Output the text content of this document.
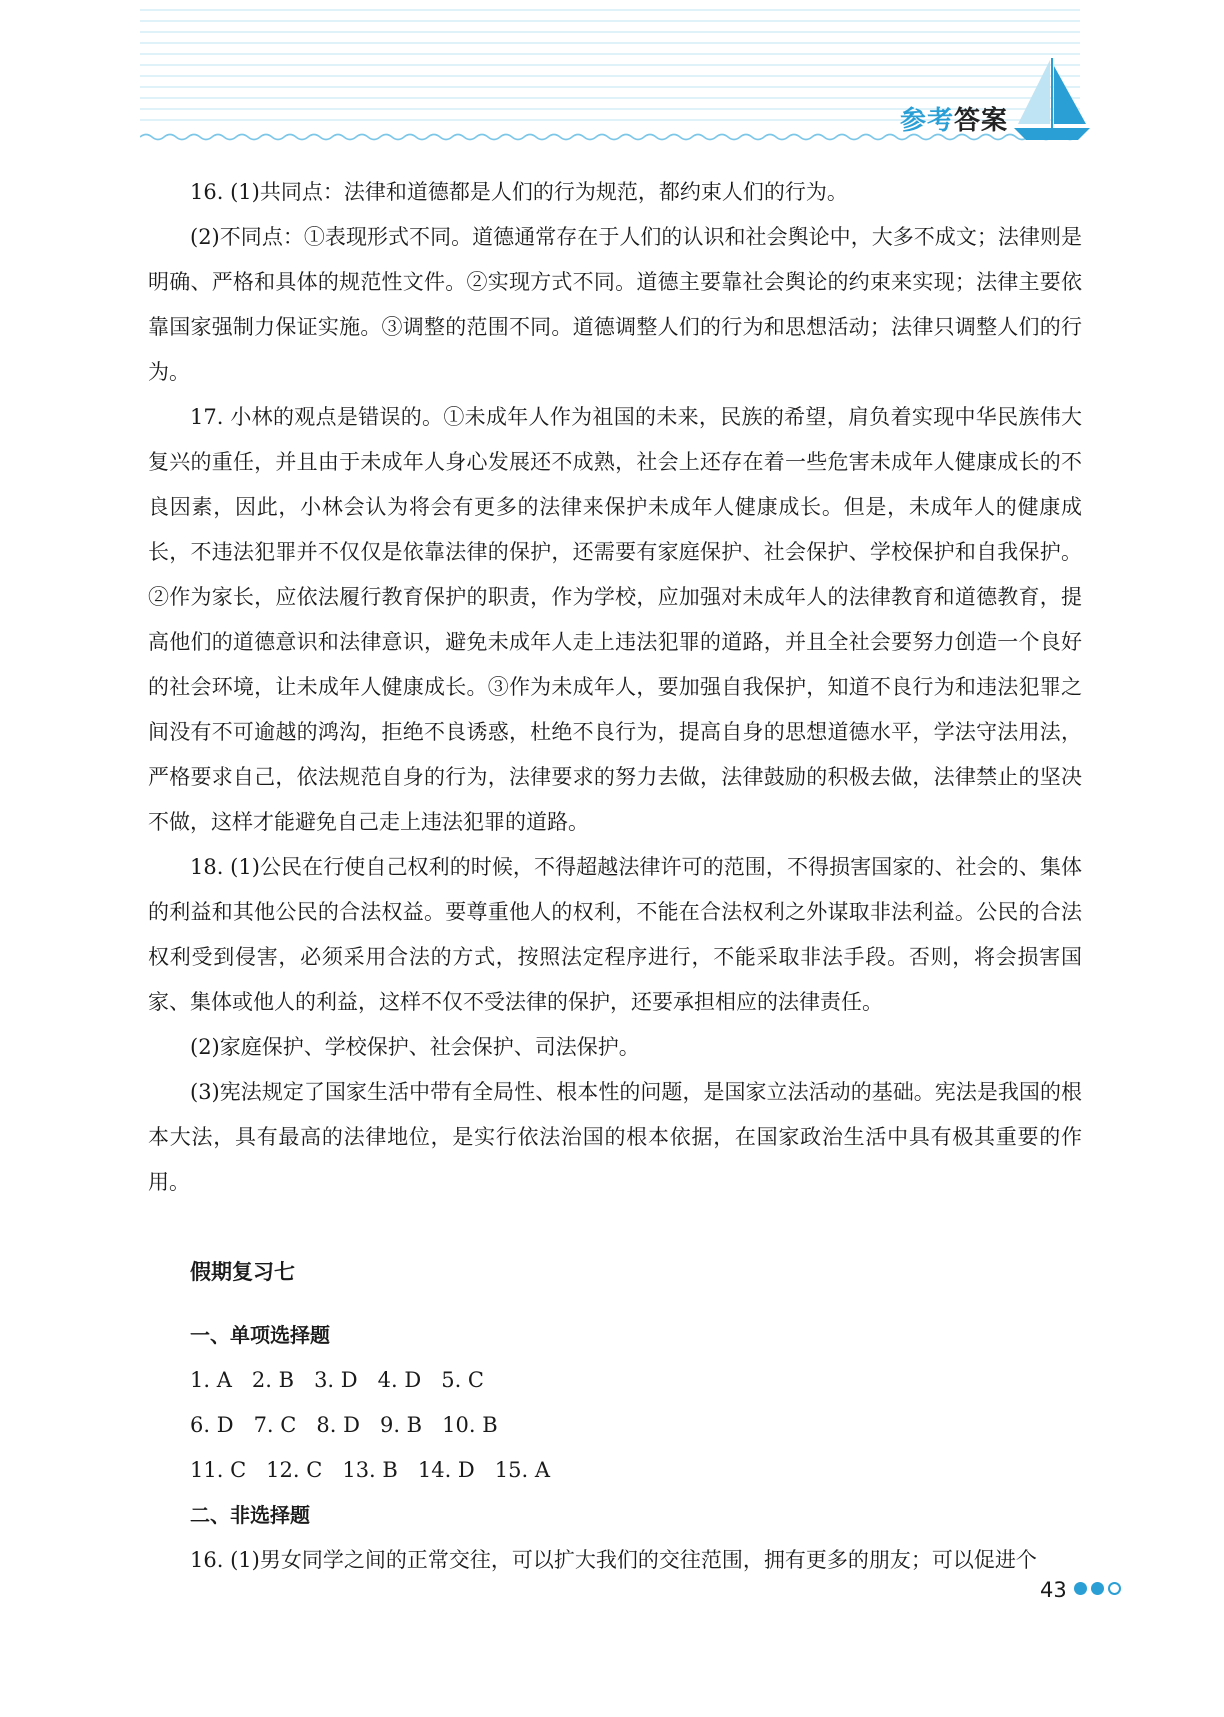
参考答案

16. (1)共同点：法律和道德都是人们的行为规范，都约束人们的行为。

(2)不同点：①表现形式不同。道德通常存在于人们的认识和社会舆论中，大多不成文；法律则是明确、严格和具体的规范性文件。②实现方式不同。道德主要靠社会舆论的约束来实现；法律主要依靠国家强制力保证实施。③调整的范围不同。道德调整人们的行为和思想活动；法律只调整人们的行为。

17. 小林的观点是错误的。①未成年人作为祖国的未来，民族的希望，肩负着实现中华民族伟大复兴的重任，并且由于未成年人身心发展还不成熟，社会上还存在着一些危害未成年人健康成长的不良因素，因此，小林会认为将会有更多的法律来保护未成年人健康成长。但是，未成年人的健康成长，不违法犯罪并不仅仅是依靠法律的保护，还需要有家庭保护、社会保护、学校保护和自我保护。②作为家长，应依法履行教育保护的职责，作为学校，应加强对未成年人的法律教育和道德教育，提高他们的道德意识和法律意识，避免未成年人走上违法犯罪的道路，并且全社会要努力创造一个良好的社会环境，让未成年人健康成长。③作为未成年人，要加强自我保护，知道不良行为和违法犯罪之间没有不可逾越的鸿沟，拒绝不良诱惑，杜绝不良行为，提高自身的思想道德水平，学法守法用法，严格要求自己，依法规范自身的行为，法律要求的努力去做，法律鼓励的积极去做，法律禁止的坚决不做，这样才能避免自己走上违法犯罪的道路。

18. (1)公民在行使自己权利的时候，不得超越法律许可的范围，不得损害国家的、社会的、集体的利益和其他公民的合法权益。要尊重他人的权利，不能在合法权利之外谋取非法利益。公民的合法权利受到侵害，必须采用合法的方式，按照法定程序进行，不能采取非法手段。否则，将会损害国家、集体或他人的利益，这样不仅不受法律的保护，还要承担相应的法律责任。

(2)家庭保护、学校保护、社会保护、司法保护。

(3)宪法规定了国家生活中带有全局性、根本性的问题，是国家立法活动的基础。宪法是我国的根本大法，具有最高的法律地位，是实行依法治国的根本依据，在国家政治生活中具有极其重要的作用。

假期复习七

一、单项选择题

1. A   2. B   3. D   4. D   5. C

6. D   7. C   8. D   9. B   10. B

11. C   12. C   13. B   14. D   15. A

二、非选择题

16. (1)男女同学之间的正常交往，可以扩大我们的交往范围，拥有更多的朋友；可以促进个

43
